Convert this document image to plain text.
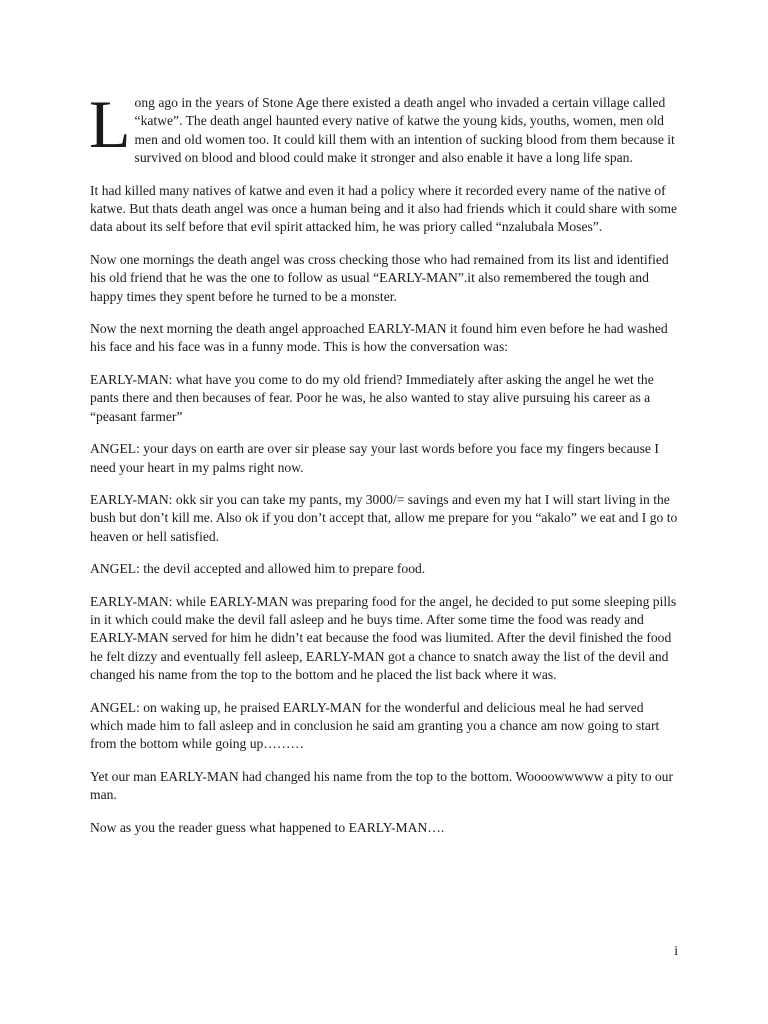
Long ago in the years of Stone Age there existed a death angel who invaded a certain village called “katwe”. The death angel haunted every native of katwe the young kids, youths, women, men old men and old women too. It could kill them with an intention of sucking blood from them because it survived on blood and blood could make it stronger and also enable it have a long life span.

It had killed many natives of katwe and even it had a policy where it recorded every name of the native of katwe. But thats death angel was once a human being and it also had friends which it could share with some data about its self before that evil spirit attacked him, he was priory called “nzalubala Moses”.

Now one mornings the death angel was cross checking those who had remained from its list and identified his old friend that he was the one to follow as usual “EARLY-MAN”.it also remembered the tough and happy times they spent before he turned to be a monster.

Now the next morning the death angel approached EARLY-MAN it found him even before he had washed his face and his face was in a funny mode. This is how the conversation was:

EARLY-MAN: what have you come to do my old friend? Immediately after asking the angel he wet the pants there and then becauses of fear. Poor he was, he also wanted to stay alive pursuing his career as a “peasant farmer”

ANGEL: your days on earth are over sir please say your last words before you face my fingers because I need your heart in my palms right now.

EARLY-MAN: okk sir you can take my pants, my 3000/= savings and even my hat I will start living in the bush but don’t kill me. Also ok if you don’t accept that, allow me prepare for you “akalo” we eat and I go to heaven or hell satisfied.

ANGEL: the devil accepted and allowed him to prepare food.

EARLY-MAN: while EARLY-MAN was preparing food for the angel, he decided to put some sleeping pills in it which could make the devil fall asleep and he buys time. After some time the food was ready and EARLY-MAN served for him he didn’t eat because the food was liumited. After the devil finished the food he felt dizzy and eventually fell asleep, EARLY-MAN got a chance to snatch away the list of the devil and changed his name from the top to the bottom and he placed the list back where it was.

ANGEL: on waking up, he praised EARLY-MAN for the wonderful and delicious meal he had served which made him to fall asleep and in conclusion he said am granting you a chance am now going to start from the bottom while going up………

Yet our man EARLY-MAN had changed his name from the top to the bottom. Woooowwwww a pity to our man.

Now as you the reader guess what happened to EARLY-MAN….

i
